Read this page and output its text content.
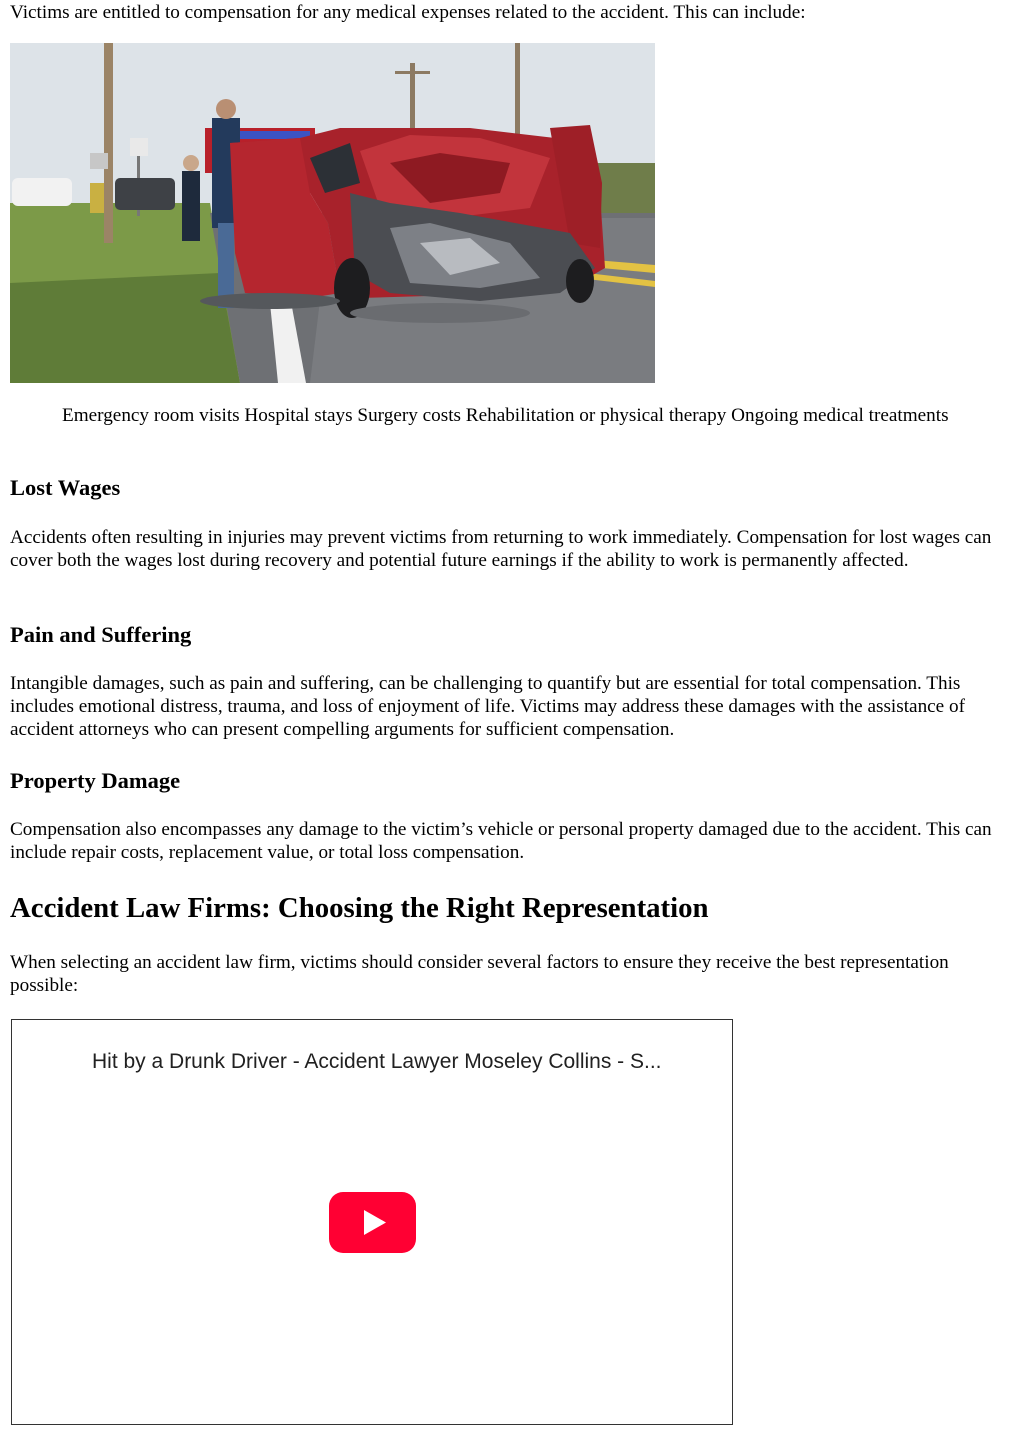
Victims are entitled to compensation for any medical expenses related to the accident. This can include:

Emergency room visits Hospital stays Surgery costs Rehabilitation or physical therapy Ongoing medical treatments

Lost Wages

Accidents often resulting in injuries may prevent victims from returning to work immediately. Compensation for lost wages can cover both the wages lost during recovery and potential future earnings if the ability to work is permanently affected.

Pain and Suffering

Intangible damages, such as pain and suffering, can be challenging to quantify but are essential for total compensation. This includes emotional distress, trauma, and loss of enjoyment of life. Victims may address these damages with the assistance of accident attorneys who can present compelling arguments for sufficient compensation.

Property Damage

Compensation also encompasses any damage to the victim’s vehicle or personal property damaged due to the accident. This can include repair costs, replacement value, or total loss compensation.

Accident Law Firms: Choosing the Right Representation

When selecting an accident law firm, victims should consider several factors to ensure they receive the best representation possible:

Hit by a Drunk Driver - Accident Lawyer Moseley Collins - S...
